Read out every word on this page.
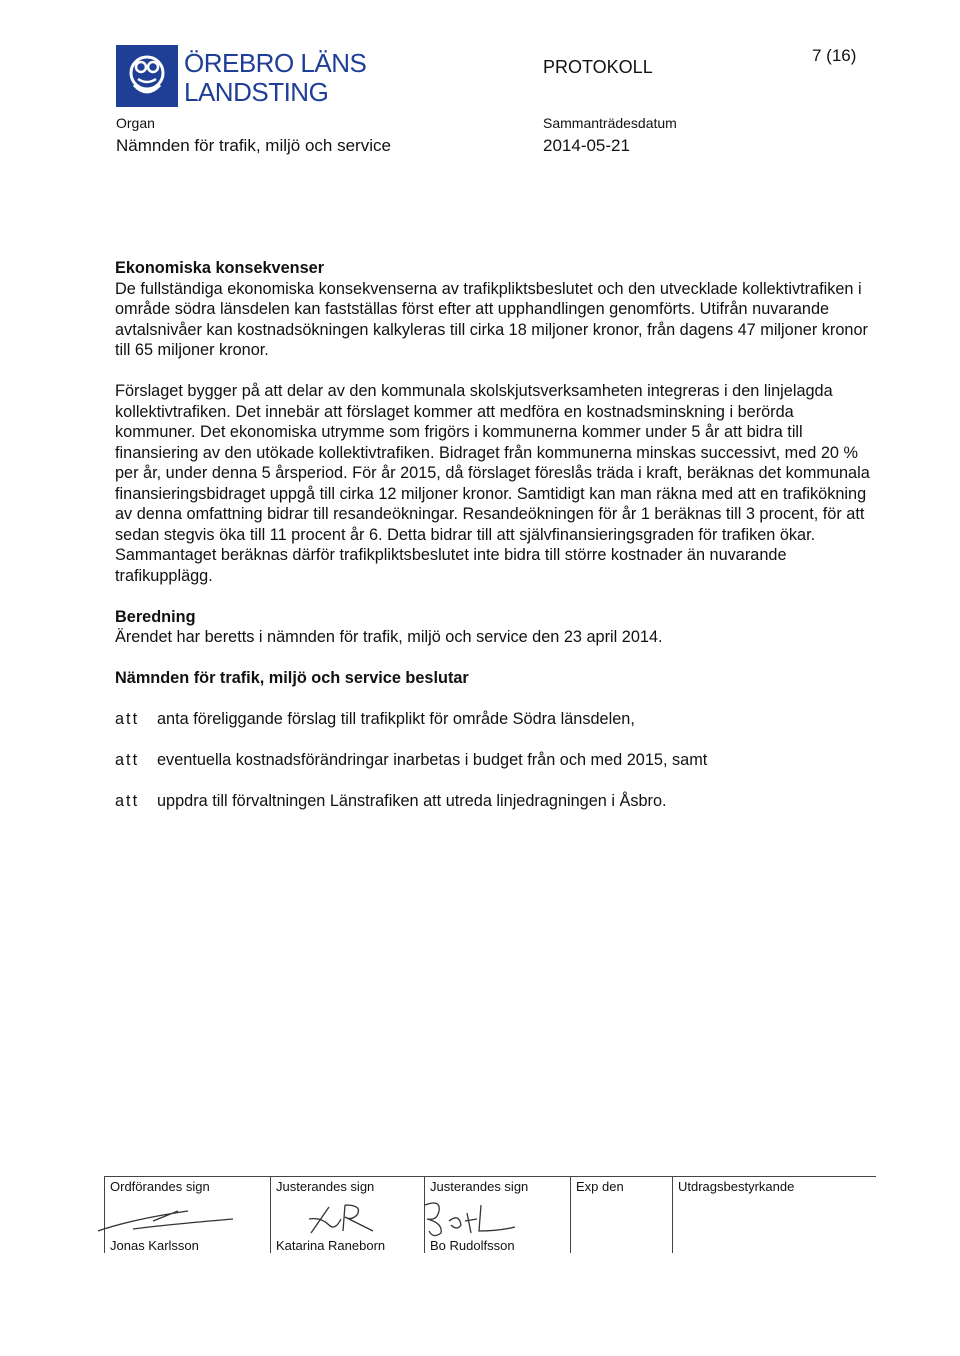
ÖREBRO LÄNS
LANDSTING
PROTOKOLL
7 (16)
Organ
Nämnden för trafik, miljö och service
Sammanträdesdatum
2014-05-21
Ekonomiska konsekvenser

De fullständiga ekonomiska konsekvenserna av trafikpliktsbeslutet och den utvecklade kollektivtrafiken i område södra länsdelen kan fastställas först efter att upphandlingen genomförts. Utifrån nuvarande avtalsnivåer kan kostnadsökningen kalkyleras till cirka 18 miljoner kronor, från dagens 47 miljoner kronor till 65 miljoner kronor.

Förslaget bygger på att delar av den kommunala skolskjutsverksamheten integreras i den linjelagda kollektivtrafiken. Det innebär att förslaget kommer att medföra en kostnadsminskning i berörda kommuner. Det ekonomiska utrymme som frigörs i kommunerna kommer under 5 år att bidra till finansiering av den utökade kollektivtrafiken. Bidraget från kommunerna minskas successivt, med 20 % per år, under denna 5 årsperiod. För år 2015, då förslaget föreslås träda i kraft, beräknas det kommunala finansieringsbidraget uppgå till cirka 12 miljoner kronor. Samtidigt kan man räkna med att en trafikökning av denna omfattning bidrar till resandeökningar. Resandeökningen för år 1 beräknas till 3 procent, för att sedan stegvis öka till 11 procent år 6. Detta bidrar till att självfinansieringsgraden för trafiken ökar. Sammantaget beräknas därför trafikpliktsbeslutet inte bidra till större kostnader än nuvarande trafikupplägg.

Beredning

Ärendet har beretts i nämnden för trafik, miljö och service den 23 april 2014.

Nämnden för trafik, miljö och service beslutar
att	anta föreliggande förslag till trafikplikt för område Södra länsdelen,
att	eventuella kostnadsförändringar inarbetas i budget från och med 2015, samt
att	uppdra till förvaltningen Länstrafiken att utreda linjedragningen i Åsbro.
Ordförandes sign
Jonas Karlsson
Justerandes sign
Katarina Raneborn
Justerandes sign
Bo Rudolfsson
Exp den	Utdragsbestyrkande
